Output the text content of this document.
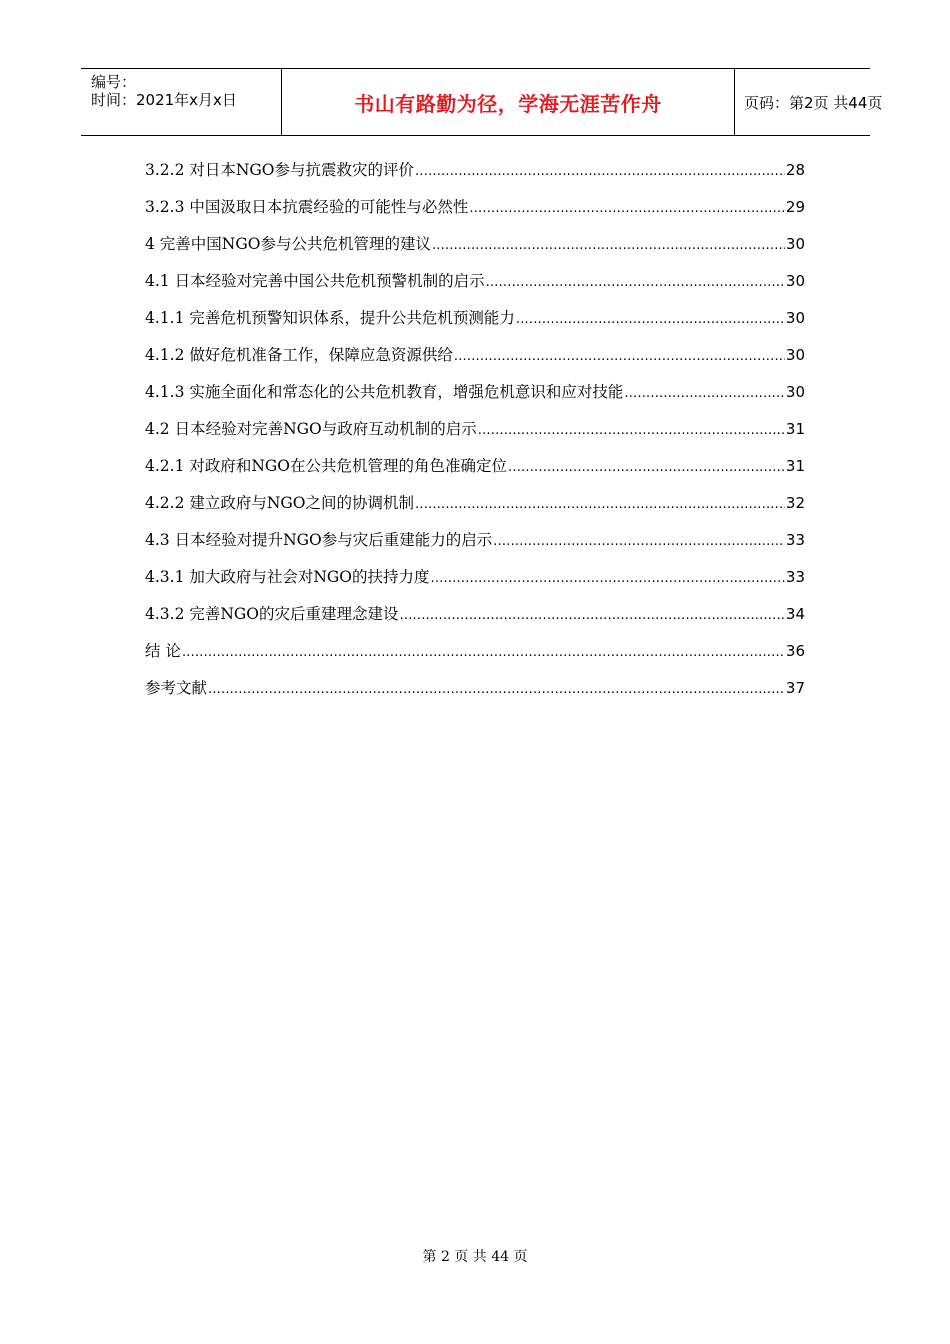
编号：
时间：2021年x月x日	书山有路勤为径，学海无涯苦作舟	页码：第2页 共44页
3.2.2 对日本NGO参与抗震救灾的评价 .....	28
3.2.3 中国汲取日本抗震经验的可能性与必然性 .....	29
4 完善中国NGO参与公共危机管理的建议 .....	30
4.1 日本经验对完善中国公共危机预警机制的启示 .....	30
4.1.1 完善危机预警知识体系，提升公共危机预测能力 .....	30
4.1.2 做好危机准备工作，保障应急资源供给 .....	30
4.1.3 实施全面化和常态化的公共危机教育，增强危机意识和应对技能 .....	30
4.2 日本经验对完善NGO与政府互动机制的启示 .....	31
4.2.1 对政府和NGO在公共危机管理的角色准确定位 .....	31
4.2.2 建立政府与NGO之间的协调机制 .....	32
4.3 日本经验对提升NGO参与灾后重建能力的启示 .....	33
4.3.1 加大政府与社会对NGO的扶持力度 .....	33
4.3.2 完善NGO的灾后重建理念建设 .....	34
结 论 .....	36
参考文献 .....	37
第 2 页 共 44 页
